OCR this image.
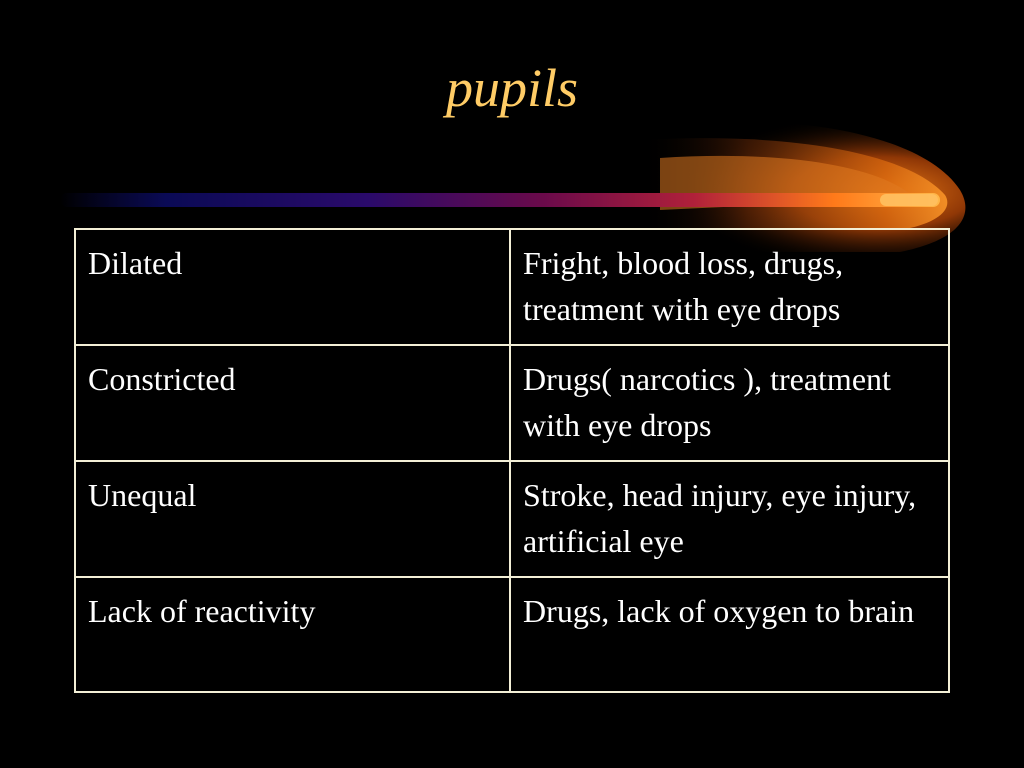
pupils
Dilated	Fright, blood loss, drugs, treatment with eye drops
Constricted	Drugs( narcotics ), treatment with eye drops
Unequal	Stroke, head injury, eye injury, artificial eye
Lack of reactivity	Drugs, lack of oxygen to brain
